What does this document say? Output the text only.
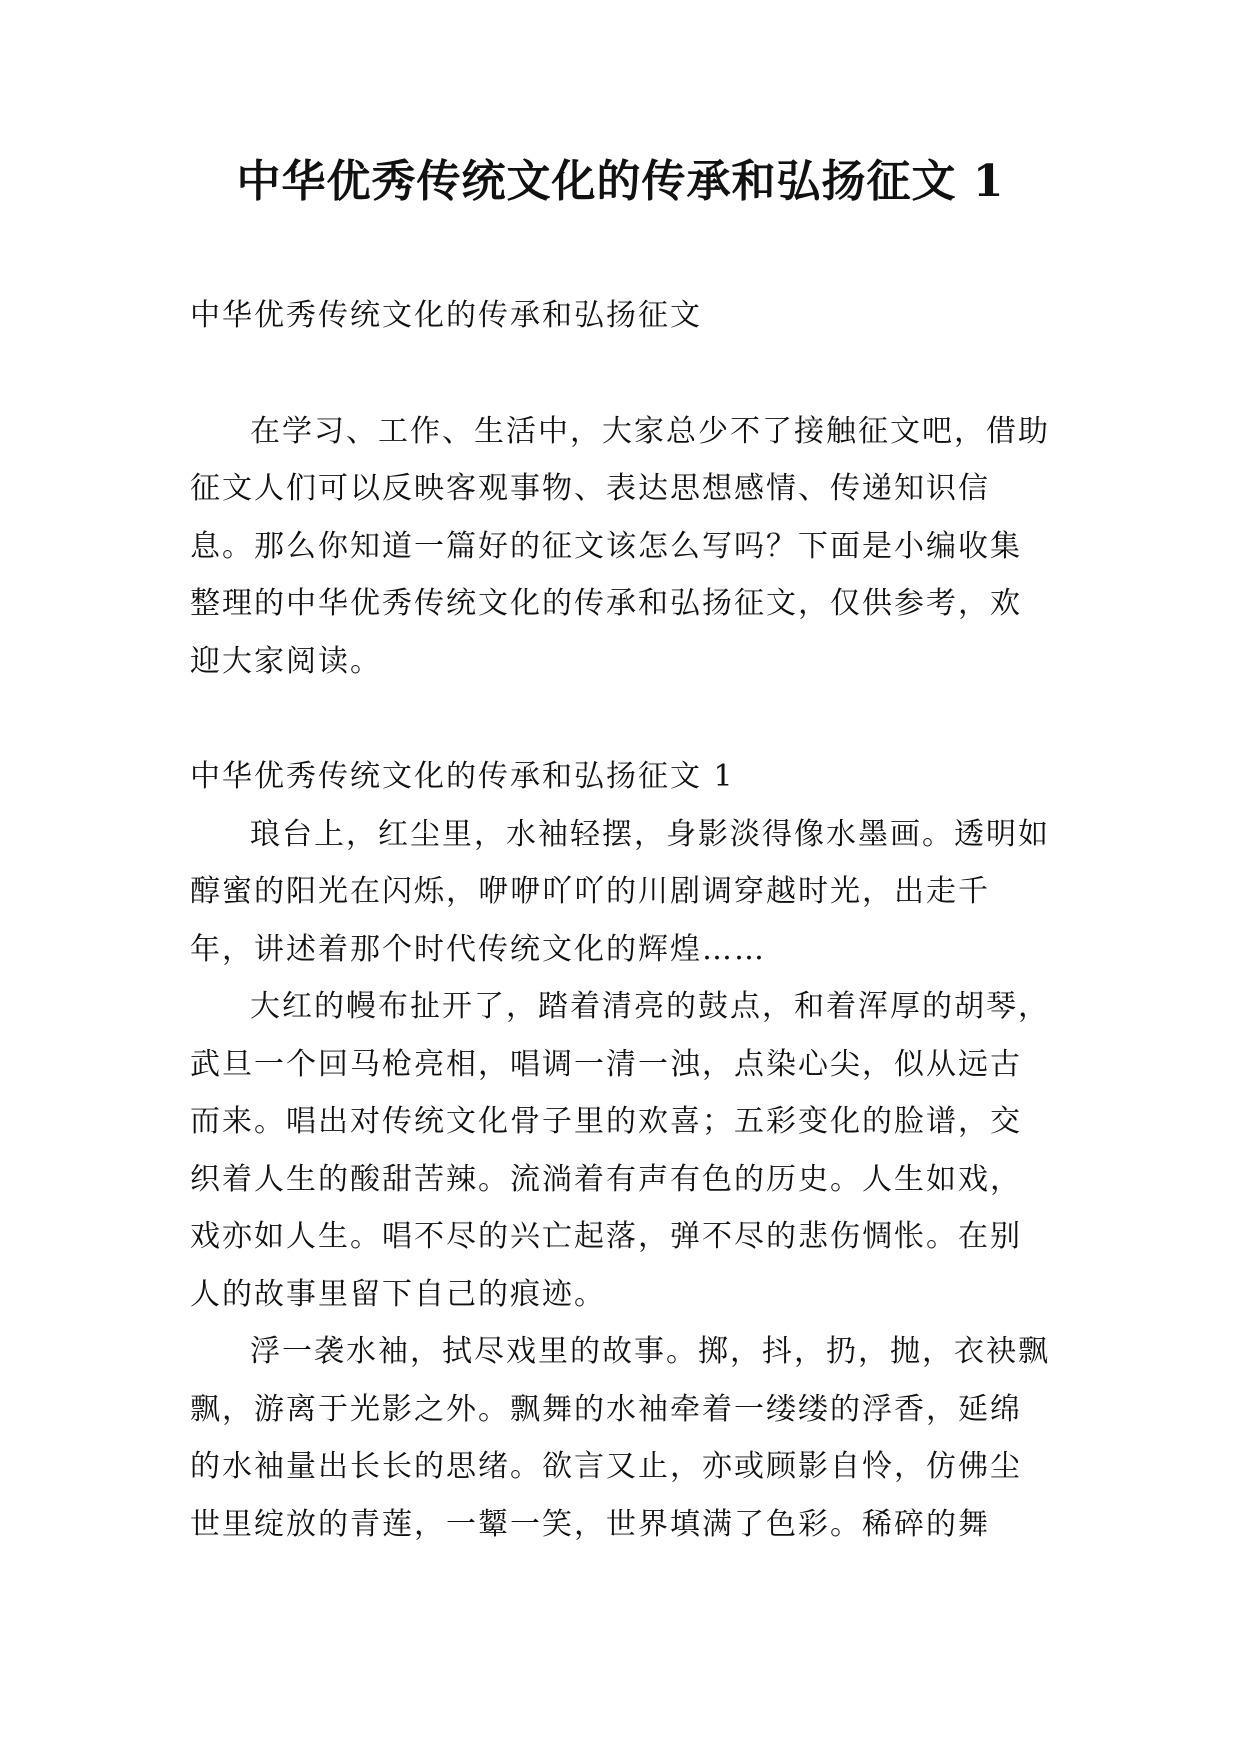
中华优秀传统文化的传承和弘扬征文 1

中华优秀传统文化的传承和弘扬征文

在学习、工作、生活中，大家总少不了接触征文吧，借助征文人们可以反映客观事物、表达思想感情、传递知识信息。那么你知道一篇好的征文该怎么写吗？下面是小编收集整理的中华优秀传统文化的传承和弘扬征文，仅供参考，欢迎大家阅读。

中华优秀传统文化的传承和弘扬征文 1

琅台上，红尘里，水袖轻摆，身影淡得像水墨画。透明如醇蜜的阳光在闪烁，咿咿吖吖的川剧调穿越时光，出走千年，讲述着那个时代传统文化的辉煌……

大红的幔布扯开了，踏着清亮的鼓点，和着浑厚的胡琴，武旦一个回马枪亮相，唱调一清一浊，点染心尖，似从远古而来。唱出对传统文化骨子里的欢喜；五彩变化的脸谱，交织着人生的酸甜苦辣。流淌着有声有色的历史。人生如戏，戏亦如人生。唱不尽的兴亡起落，弹不尽的悲伤惆怅。在别人的故事里留下自己的痕迹。

浮一袭水袖，拭尽戏里的故事。掷，抖，扔，抛，衣袂飘飘，游离于光影之外。飘舞的水袖牵着一缕缕的浮香，延绵的水袖量出长长的思绪。欲言又止，亦或顾影自怜，仿佛尘世里绽放的青莲，一颦一笑，世界填满了色彩。稀碎的舞
